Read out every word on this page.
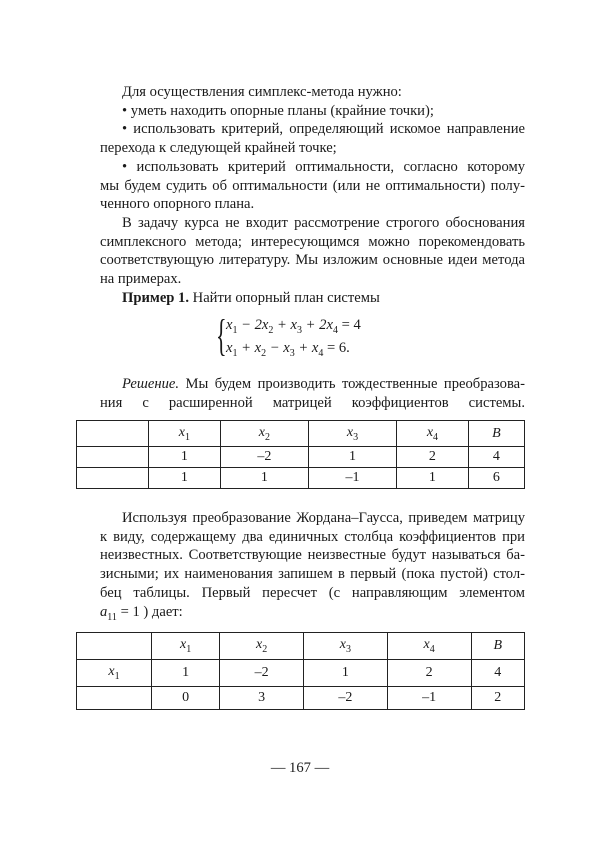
Для осуществления симплекс-метода нужно:
• уметь находить опорные планы (крайние точки);
• использовать критерий, определяющий искомое направление
перехода к следующей крайней точке;
• использовать критерий оптимальности, согласно которому
мы будем судить об оптимальности (или не оптимальности) полу-
ченного опорного плана.
В задачу курса не входит рассмотрение строгого обоснования
симплексного метода; интересующимся можно порекомендовать
соответствующую литературу. Мы изложим основные идеи метода
на примерах.
Пример 1. Найти опорный план системы
{ $x_1 - 2x_2 + x_3 + 2x_4 = 4$
$x_1 + x_2 - x_3 + x_4 = 6$.
Решение. Мы будем производить тождественные преобразова-
ния с расширенной матрицей коэффициентов системы.
	$x_1$	$x_2$	$x_3$	$x_4$	B
	1	–2	1	2	4
	1	1	–1	1	6
Используя преобразование Жордана–Гаусса, приведем матрицу
к виду, содержащему два единичных столбца коэффициентов при
неизвестных. Соответствующие неизвестные будут называться ба-
зисными; их наименования запишем в первый (пока пустой) стол-
бец таблицы. Первый пересчет (с направляющим элементом
$a_{11} = 1$ ) дает:
	$x_1$	$x_2$	$x_3$	$x_4$	B
$x_1$	1	–2	1	2	4
	0	3	–2	–1	2
— 167 —
